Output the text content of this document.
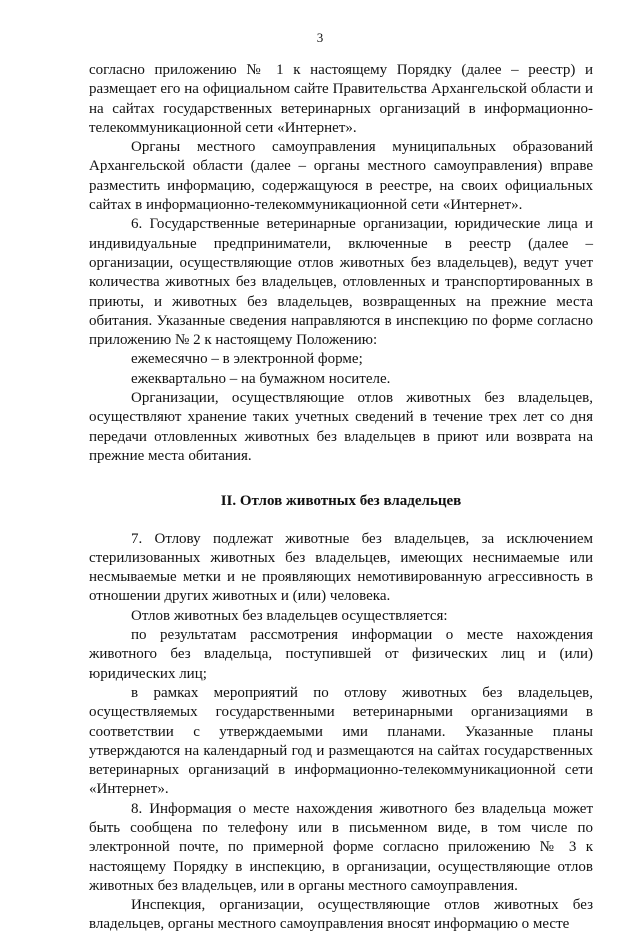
3

согласно приложению № 1 к настоящему Порядку (далее – реестр) и размещает его на официальном сайте Правительства Архангельской области и на сайтах государственных ветеринарных организаций в информационно-телекоммуникационной сети «Интернет».

Органы местного самоуправления муниципальных образований Архангельской области (далее – органы местного самоуправления) вправе разместить информацию, содержащуюся в реестре, на своих официальных сайтах в информационно-телекоммуникационной сети «Интернет».

6. Государственные ветеринарные организации, юридические лица и индивидуальные предприниматели, включенные в реестр (далее – организации, осуществляющие отлов животных без владельцев), ведут учет количества животных без владельцев, отловленных и транспортированных в приюты, и животных без владельцев, возвращенных на прежние места обитания. Указанные сведения направляются в инспекцию по форме согласно приложению № 2 к настоящему Положению:

ежемесячно – в электронной форме;

ежеквартально – на бумажном носителе.

Организации, осуществляющие отлов животных без владельцев, осуществляют хранение таких учетных сведений в течение трех лет со дня передачи отловленных животных без владельцев в приют или возврата на прежние места обитания.

II. Отлов животных без владельцев

7. Отлову подлежат животные без владельцев, за исключением стерилизованных животных без владельцев, имеющих неснимаемые или несмываемые метки и не проявляющих немотивированную агрессивность в отношении других животных и (или) человека.

Отлов животных без владельцев осуществляется:

по результатам рассмотрения информации о месте нахождения животного без владельца, поступившей от физических лиц и (или) юридических лиц;

в рамках мероприятий по отлову животных без владельцев, осуществляемых государственными ветеринарными организациями в соответствии с утверждаемыми ими планами. Указанные планы утверждаются на календарный год и размещаются на сайтах государственных ветеринарных организаций в информационно-телекоммуникационной сети «Интернет».

8. Информация о месте нахождения животного без владельца может быть сообщена по телефону или в письменном виде, в том числе по электронной почте, по примерной форме согласно приложению № 3 к настоящему Порядку в инспекцию, в организации, осуществляющие отлов животных без владельцев, или в органы местного самоуправления.

Инспекция, организации, осуществляющие отлов животных без владельцев, органы местного самоуправления вносят информацию о месте
